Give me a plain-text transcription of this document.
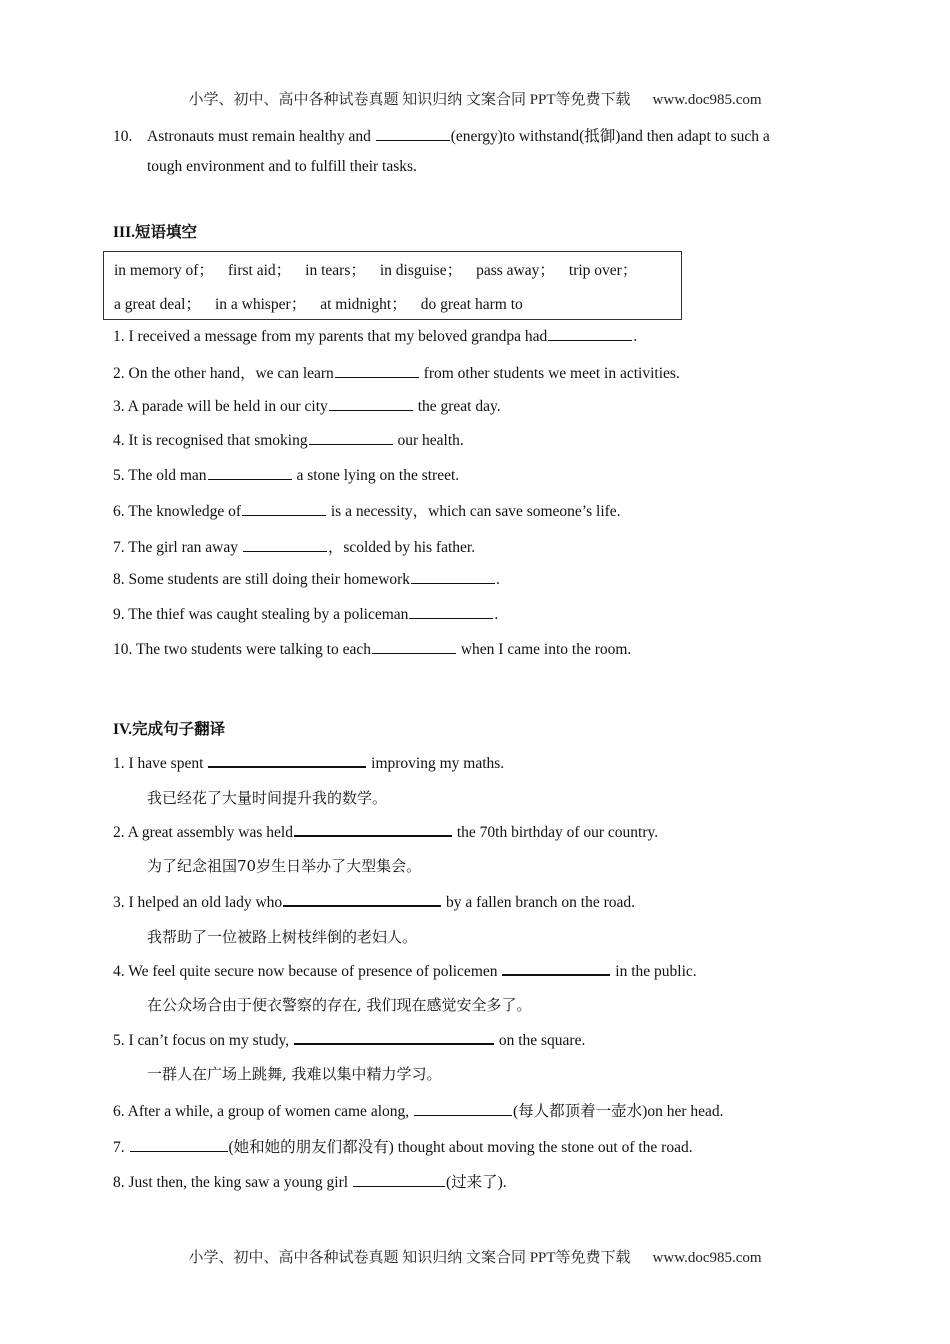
小学、初中、高中各种试卷真题 知识归纳 文案合同 PPT等免费下载 www.doc985.com
10. Astronauts must remain healthy and	(energy)to withstand(抵御)and then adapt to such a
tough environment and to fulfill their tasks.
III.短语填空
in memory of； first aid； in tears； in disguise； pass away； trip over；
a great deal； in a whisper； at midnight； do great harm to
1. I received a message from my parents that my beloved grandpa had	.
2. On the other hand，we can learn	from other students we meet in activities.
3. A parade will be held in our city	the great day.
4. It is recognised that smoking	our health.
5. The old man	a stone lying on the street.
6. The knowledge of	is a necessity，which can save someone’s life.
7. The girl ran away	，scolded by his father.
8. Some students are still doing their homework	.
9. The thief was caught stealing by a policeman	.
10. The two students were talking to each	when I came into the room.
IV.完成句子翻译
1. I have spent	improving my maths.
我已经花了大量时间提升我的数学。
2. A great assembly was held	the 70th birthday of our country.
为了纪念祖国70岁生日举办了大型集会。
3. I helped an old lady who	by a fallen branch on the road.
我帮助了一位被路上树枝绊倒的老妇人。
4. We feel quite secure now because of presence of policemen	in the public.
在公众场合由于便衣警察的存在, 我们现在感觉安全多了。
5. I can’t focus on my study,	on the square.
一群人在广场上跳舞, 我难以集中精力学习。
6. After a while, a group of women came along,	(每人都顶着一壶水)on her head.
7.	(她和她的朋友们都没有) thought about moving the stone out of the road.
8. Just then, the king saw a young girl	(过来了).
小学、初中、高中各种试卷真题 知识归纳 文案合同 PPT等免费下载 www.doc985.com
